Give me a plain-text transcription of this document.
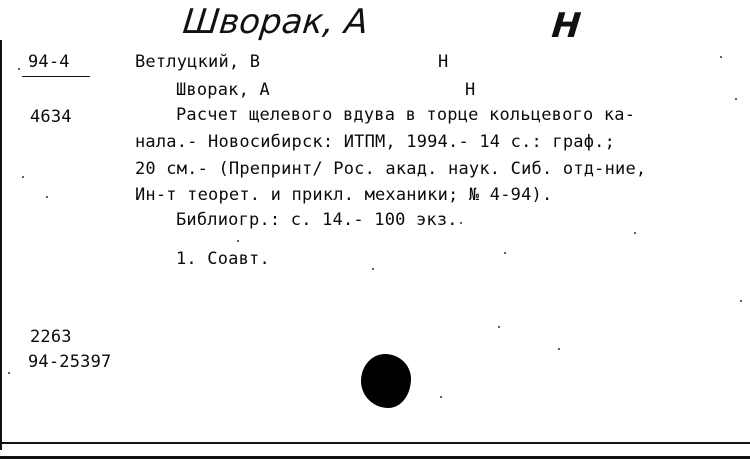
Шворак, А	Н
94-4
4634
Ветлуцкий, В	Н
Шворак, А	Н
Расчет щелевого вдува в торце кольцевого ка-
нала.- Новосибирск: ИТПМ, 1994.- 14 с.: граф.;
20 см.- (Препринт/ Рос. акад. наук. Сиб. отд-ние,
Ин-т теорет. и прикл. механики; № 4-94).
Библиогр.: с. 14.- 100 экз.
1. Соавт.
2263
94-25397
